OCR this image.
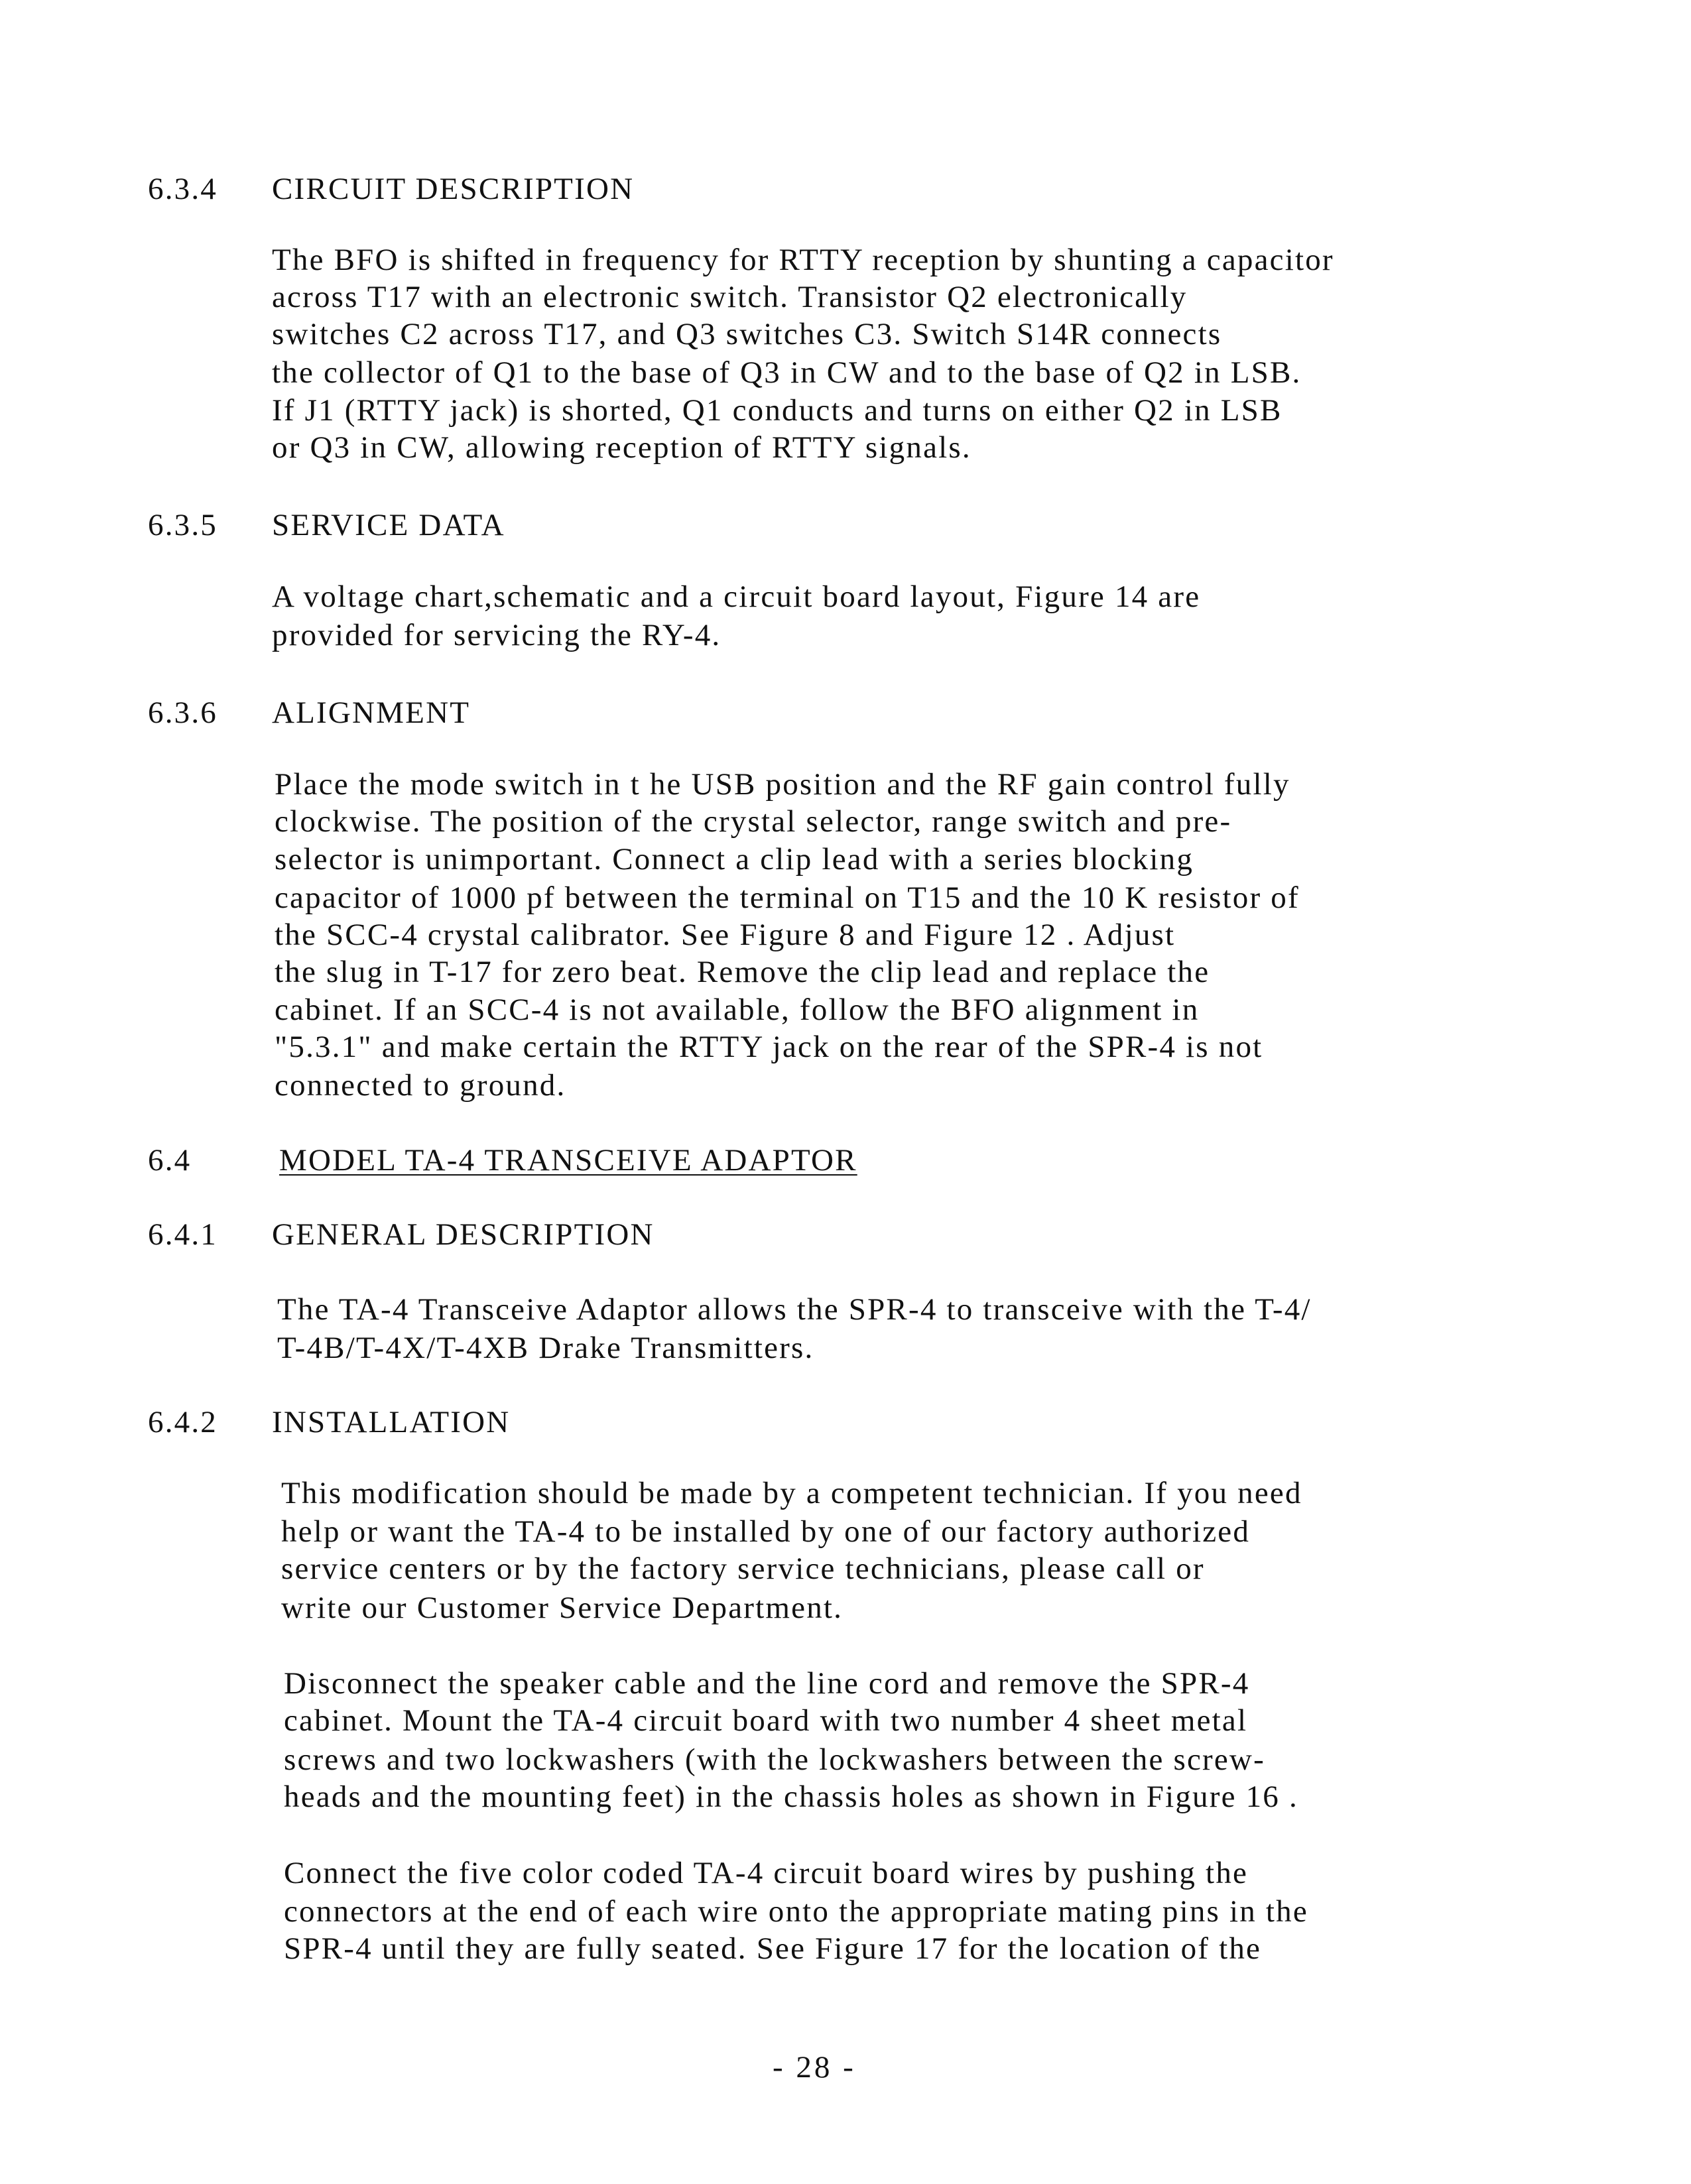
6.3.4 CIRCUIT DESCRIPTION
The BFO is shifted in frequency for RTTY reception by shunting a capacitor
across T17 with an electronic switch. Transistor Q2 electronically
switches C2 across T17, and Q3 switches C3. Switch S14R connects
the collector of Q1 to the base of Q3 in CW and to the base of Q2 in LSB.
If J1 (RTTY jack) is shorted, Q1 conducts and turns on either Q2 in LSB
or Q3 in CW, allowing reception of RTTY signals.
6.3.5 SERVICE DATA
A voltage chart,schematic and a circuit board layout, Figure 14 are
provided for servicing the RY-4.
6.3.6 ALIGNMENT
Place the mode switch in t he USB position and the RF gain control fully
clockwise. The position of the crystal selector, range switch and pre-
selector is unimportant. Connect a clip lead with a series blocking
capacitor of 1000 pf between the terminal on T15 and the 10 K resistor of
the SCC-4 crystal calibrator. See Figure 8 and Figure 12 . Adjust
the slug in T-17 for zero beat. Remove the clip lead and replace the
cabinet. If an SCC-4 is not available, follow the BFO alignment in
"5.3.1" and make certain the RTTY jack on the rear of the SPR-4 is not
connected to ground.
6.4	MODEL TA-4 TRANSCEIVE ADAPTOR
6.4.1 GENERAL DESCRIPTION
The TA-4 Transceive Adaptor allows the SPR-4 to transceive with the T-4/
T-4B/T-4X/T-4XB Drake Transmitters.
6.4.2 INSTALLATION
This modification should be made by a competent technician. If you need
help or want the TA-4 to be installed by one of our factory authorized
service centers or by the factory service technicians, please call or
write our Customer Service Department.
Disconnect the speaker cable and the line cord and remove the SPR-4
cabinet. Mount the TA-4 circuit board with two number 4 sheet metal
screws and two lockwashers (with the lockwashers between the screw-
heads and the mounting feet) in the chassis holes as shown in Figure 16 .
Connect the five color coded TA-4 circuit board wires by pushing the
connectors at the end of each wire onto the appropriate mating pins in the
SPR-4 until they are fully seated. See Figure 17 for the location of the
- 28 -
